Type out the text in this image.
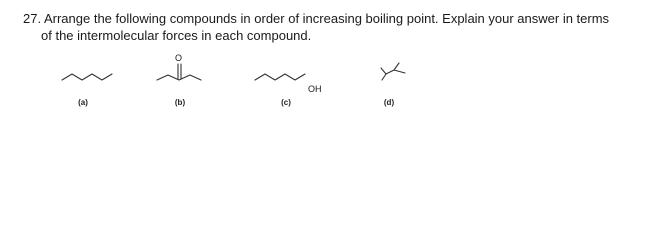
27. Arrange the following compounds in order of increasing boiling point. Explain your answer in terms
of the intermolecular forces in each compound.
O
OH
(a)	(b)	(c)	(d)
